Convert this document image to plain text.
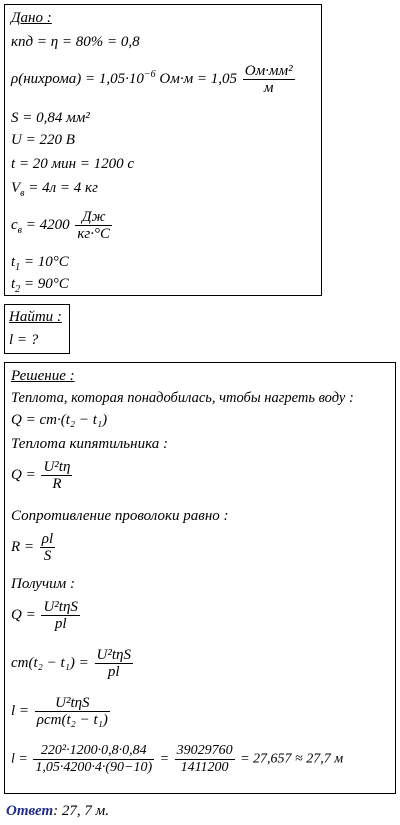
Дано :
кпд = η = 80% = 0,8
ρ(нихрома) = $1,05\cdot 10^{-6}$ $Ом\cdot м = 1,05 \frac{\text{Ом·мм²}}{м}$
S = 0,84 мм²
U = 220 В
t = 20 мин = 1200 с
$V_в = 4л = 4$ кг
$c_в = 4200 \frac{Дж}{кг\cdot^\circ C}$
$t_1 = 10^\circ C$
$t_2 = 90^\circ C$
Найти :
l = ?
Решение :
Теплота, которая понадобилась, чтобы нагреть воду :
Q = cm·(t₂ − t₁)
Теплота кипятильника :
$Q = \frac{\text{U²tη}}{R}$
Сопротивление проволоки равно :
$R = \frac{\rho l}{S}$
Получим :
$Q = \frac{\text{U²tηS}}{pl}$
$cm(t_2 - t_1) = \frac{\text{U²tηS}}{pl}$
$l = \frac{\text{U²tηS}}{\text{ρcm(t₂ − t₁)}}$
$l = \frac{\text{220²·1200·0,8·0,84}}{1,05\cdot 4200\cdot 4\cdot(90-10)} = \frac{39029760}{1411200} = 27,657 \approx 27,7$ м
Ответ: 27, 7 м.
